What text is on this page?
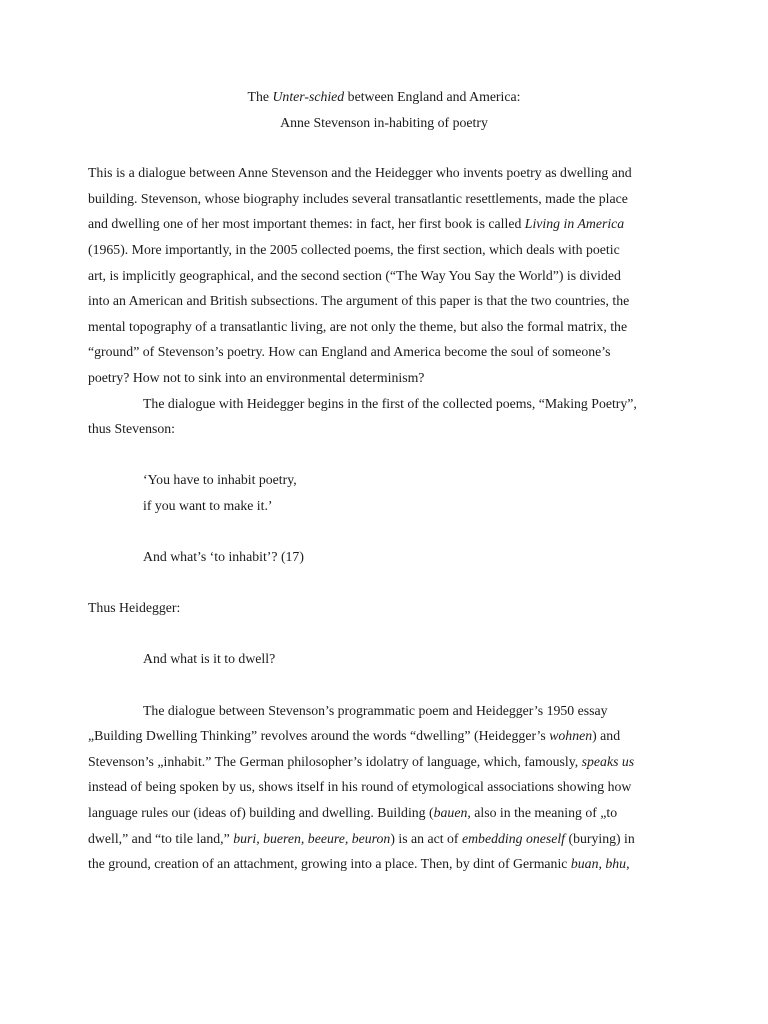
The Unter-schied between England and America:

Anne Stevenson in-habiting of poetry

This is a dialogue between Anne Stevenson and the Heidegger who invents poetry as dwelling and
building. Stevenson, whose biography includes several transatlantic resettlements, made the place
and dwelling one of her most important themes: in fact, her first book is called Living in America
(1965). More importantly, in the 2005 collected poems, the first section, which deals with poetic
art, is implicitly geographical, and the second section (“The Way You Say the World”) is divided
into an American and British subsections. The argument of this paper is that the two countries, the
mental topography of a transatlantic living, are not only the theme, but also the formal matrix, the
“ground” of Stevenson’s poetry. How can England and America become the soul of someone’s
poetry? How not to sink into an environmental determinism?

The dialogue with Heidegger begins in the first of the collected poems, “Making Poetry”,
thus Stevenson:

‘You have to inhabit poetry,

if you want to make it.’

And what’s ‘to inhabit’? (17)

Thus Heidegger:

And what is it to dwell?

The dialogue between Stevenson’s programmatic poem and Heidegger’s 1950 essay
„Building Dwelling Thinking” revolves around the words “dwelling” (Heidegger’s wohnen) and
Stevenson’s „inhabit.” The German philosopher’s idolatry of language, which, famously, speaks us
instead of being spoken by us, shows itself in his round of etymological associations showing how
language rules our (ideas of) building and dwelling. Building (bauen, also in the meaning of „to
dwell,” and “to tile land,” buri, bueren, beeure, beuron) is an act of embedding oneself (burying) in
the ground, creation of an attachment, growing into a place. Then, by dint of Germanic buan, bhu,
